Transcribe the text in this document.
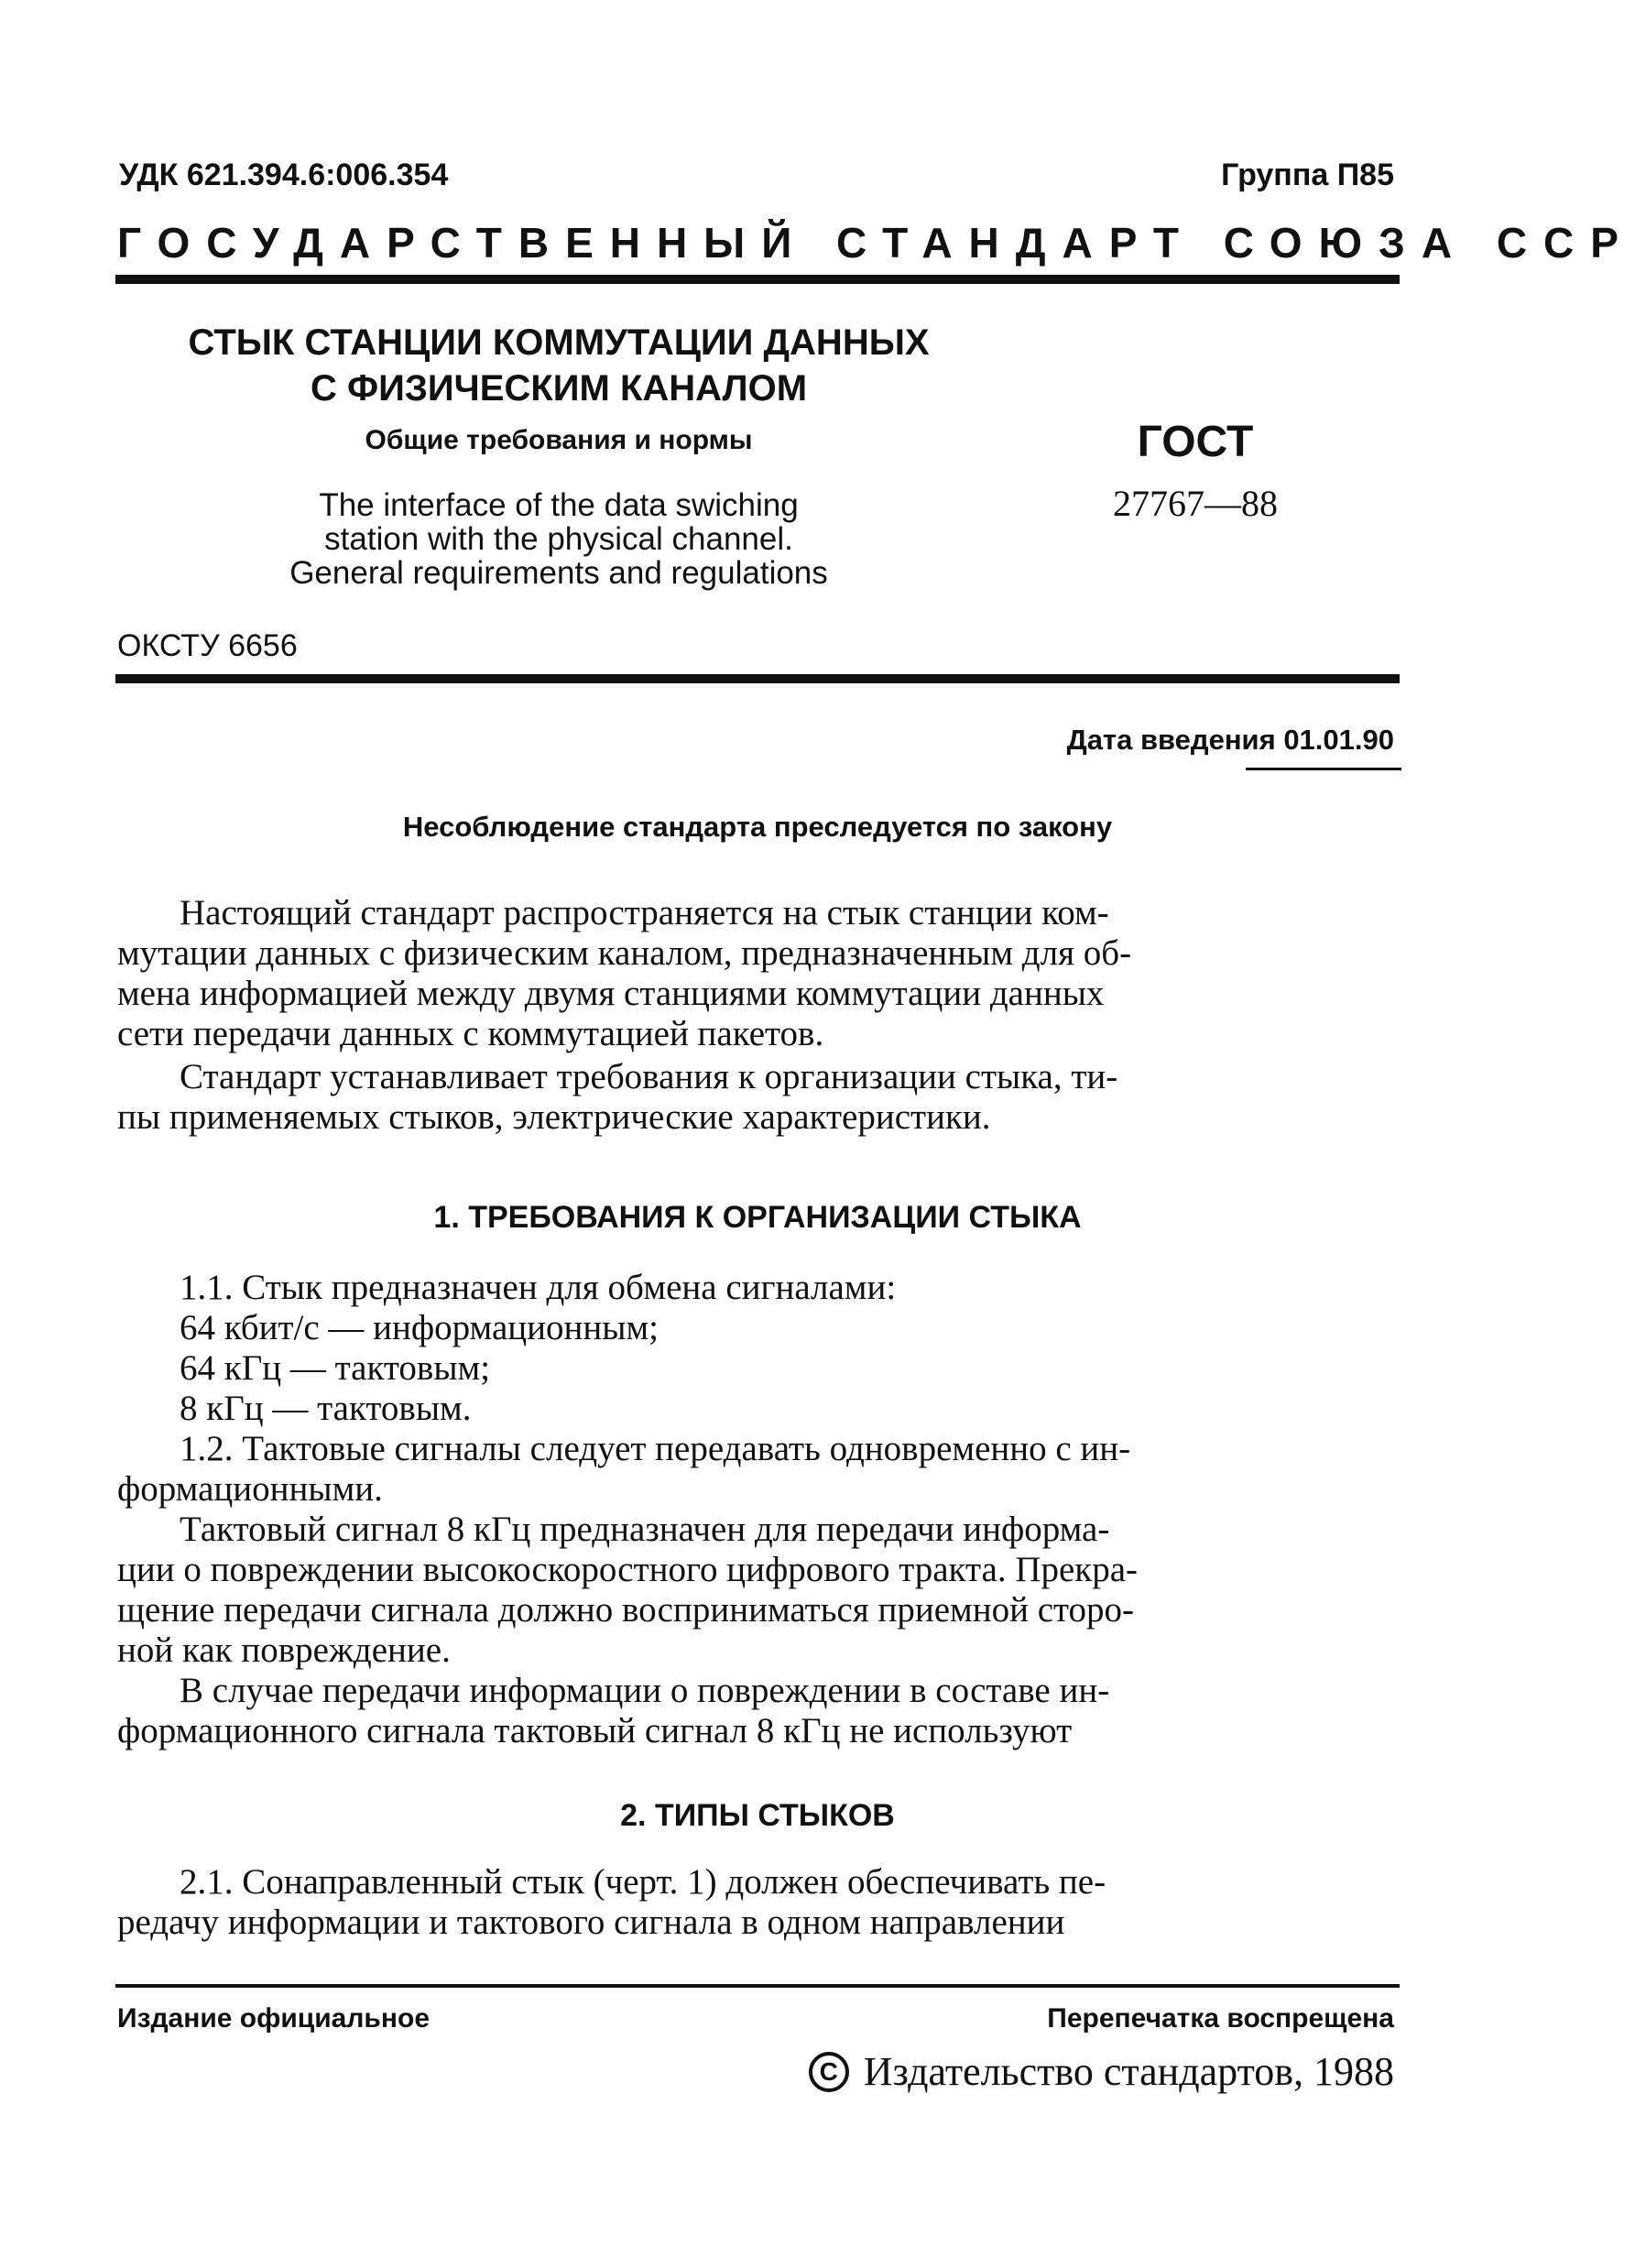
УДК 621.394.6:006.354	Группа П85
ГОСУДАРСТВЕННЫЙ СТАНДАРТ СОЮЗА ССР
СТЫК СТАНЦИИ КОММУТАЦИИ ДАННЫХ
С ФИЗИЧЕСКИМ КАНАЛОМ
Общие требования и нормы
The interface of the data swiching
station with the physical channel.
General requirements and regulations
ГОСТ
27767—88
ОКСТУ 6656
Дата введения 01.01.90
Несоблюдение стандарта преследуется по закону
Настоящий стандарт распространяется на стык станции ком-
мутации данных с физическим каналом, предназначенным для об-
мена информацией между двумя станциями коммутации данных
сети передачи данных с коммутацией пакетов.
Стандарт устанавливает требования к организации стыка, ти-
пы применяемых стыков, электрические характеристики.
1. ТРЕБОВАНИЯ К ОРГАНИЗАЦИИ СТЫКА
1.1. Стык предназначен для обмена сигналами:
64 кбит/с — информационным;
64 кГц — тактовым;
8 кГц — тактовым.
1.2. Тактовые сигналы следует передавать одновременно с ин-
формационными.
Тактовый сигнал 8 кГц предназначен для передачи информа-
ции о повреждении высокоскоростного цифрового тракта. Прекра-
щение передачи сигнала должно восприниматься приемной сторо-
ной как повреждение.
В случае передачи информации о повреждении в составе ин-
формационного сигнала тактовый сигнал 8 кГц не используют
2. ТИПЫ СТЫКОВ
2.1. Сонаправленный стык (черт. 1) должен обеспечивать пе-
редачу информации и тактового сигнала в одном направлении
Издание официальное	Перепечатка воспрещена
C Издательство стандартов, 1988
